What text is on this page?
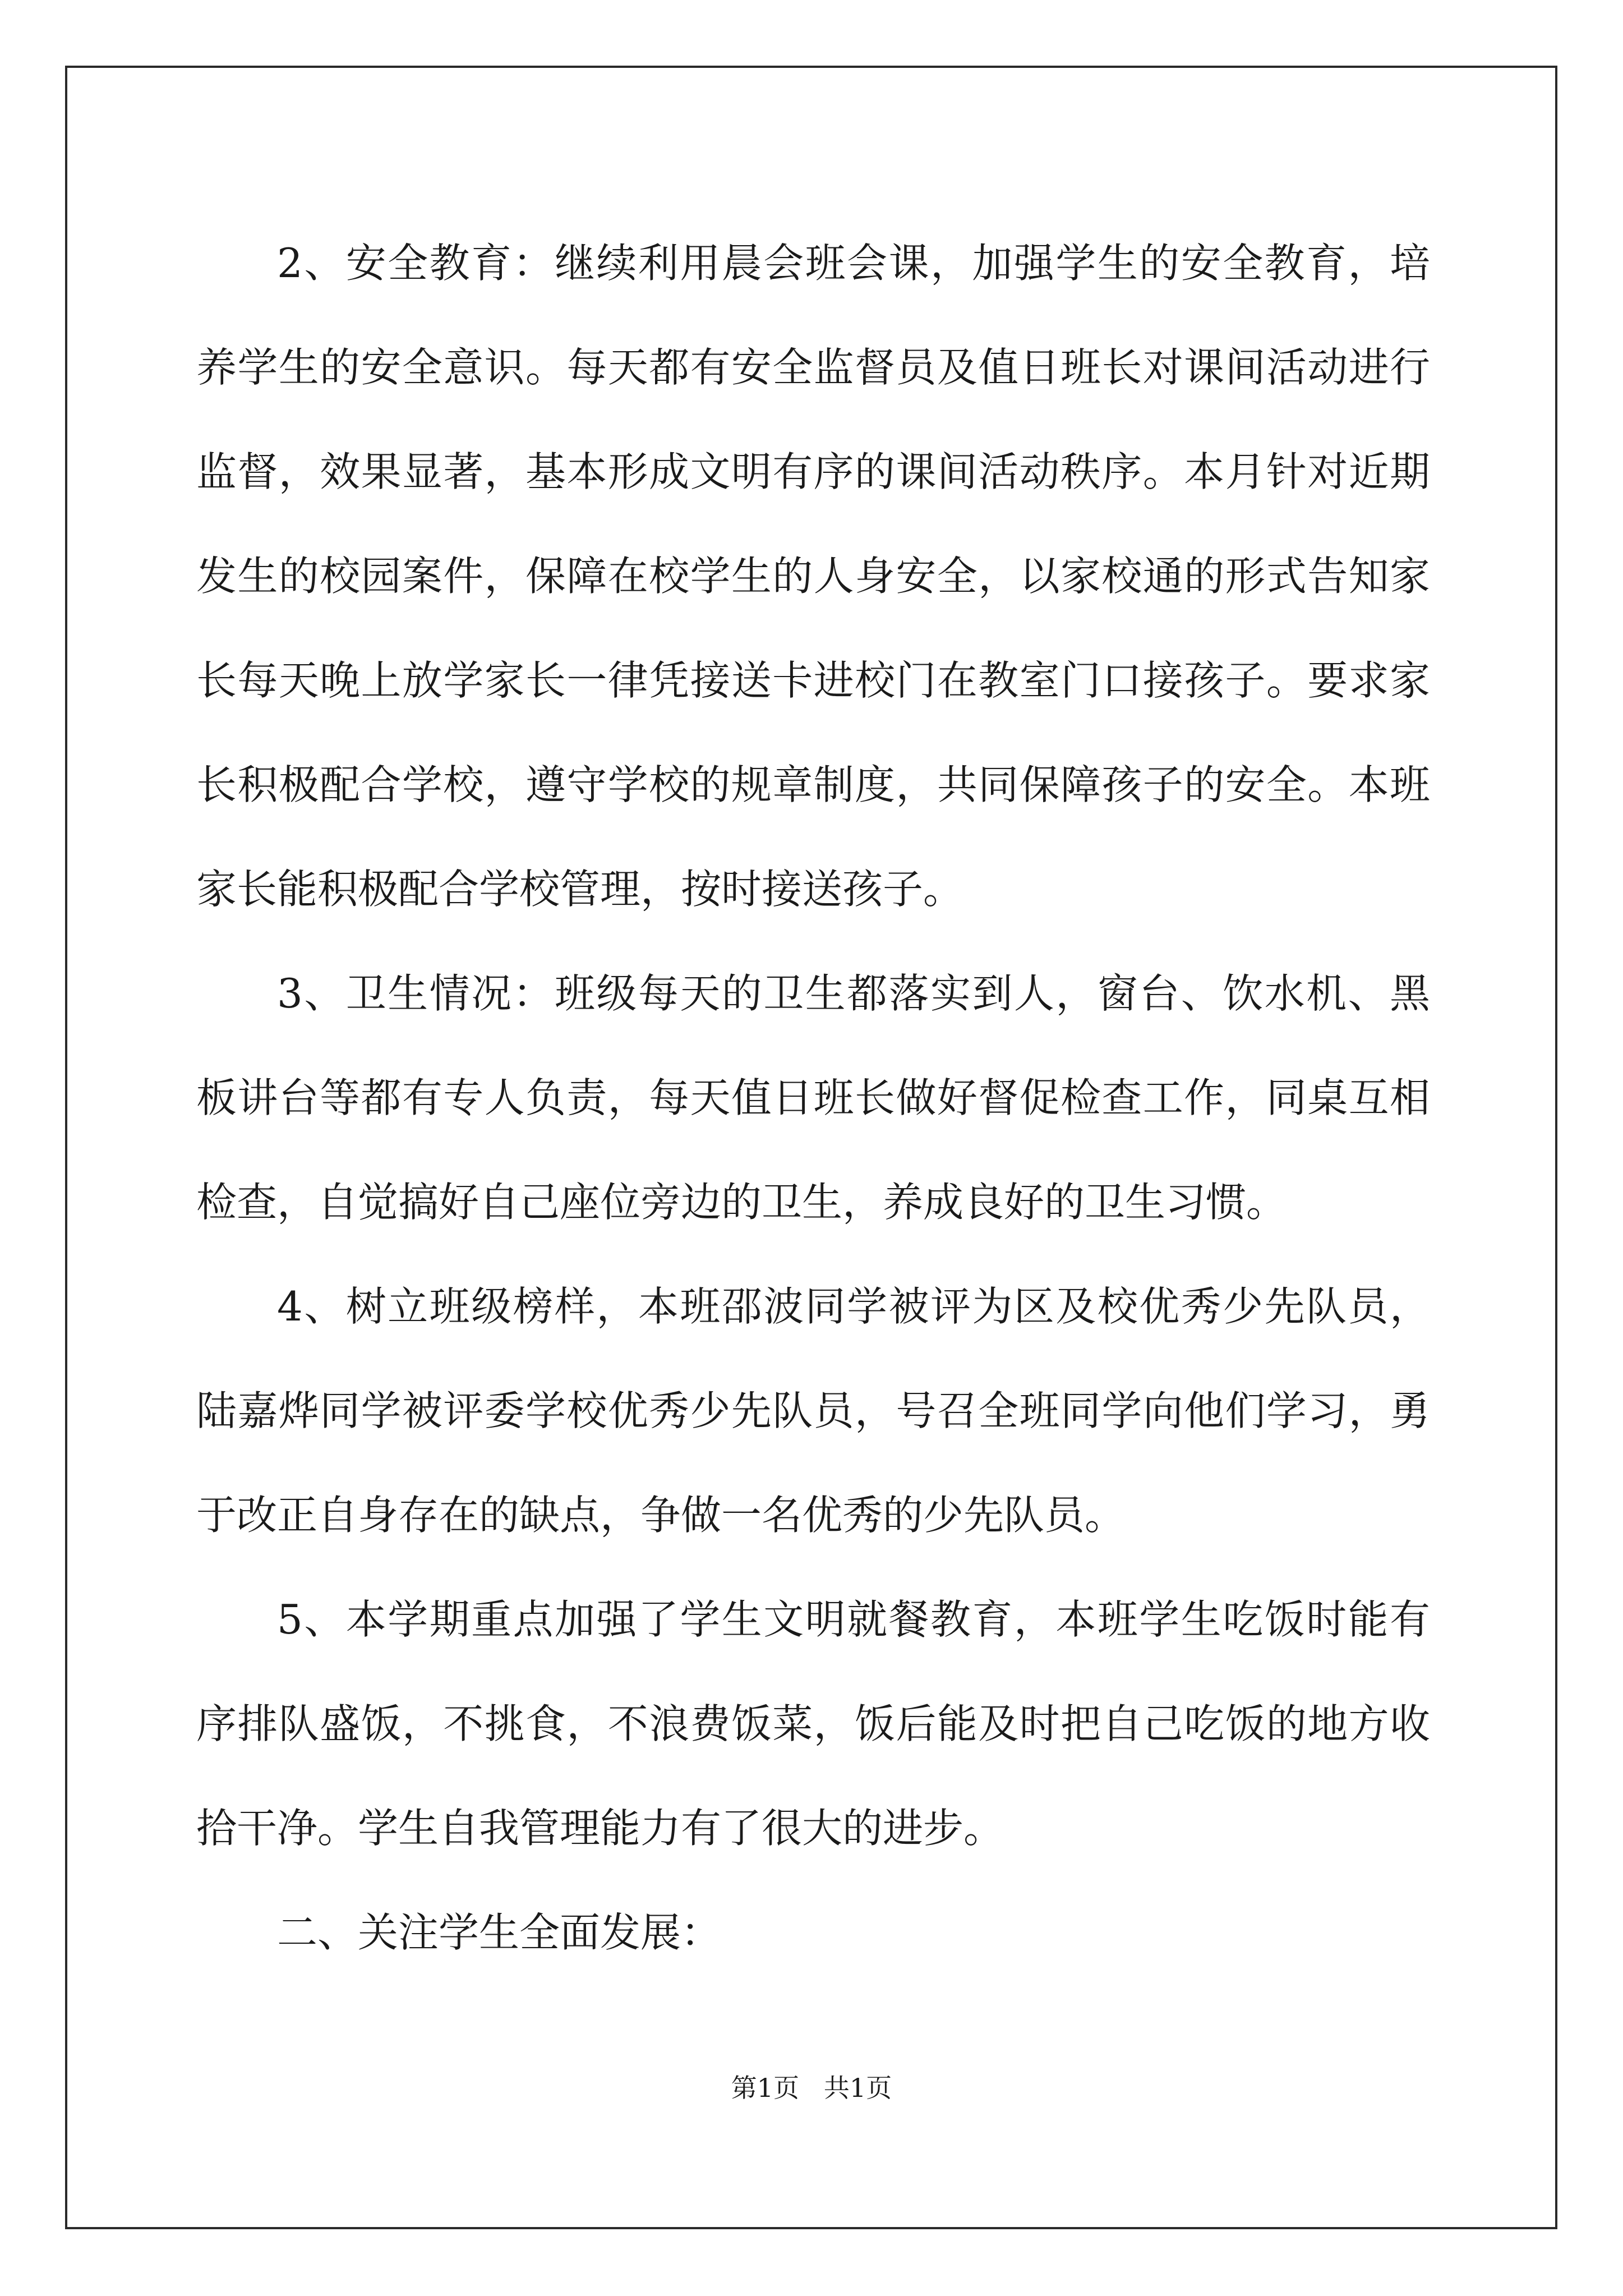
2、安全教育：继续利用晨会班会课，加强学生的安全教育，培养学生的安全意识。每天都有安全监督员及值日班长对课间活动进行监督，效果显著，基本形成文明有序的课间活动秩序。本月针对近期发生的校园案件，保障在校学生的人身安全，以家校通的形式告知家长每天晚上放学家长一律凭接送卡进校门在教室门口接孩子。要求家长积极配合学校，遵守学校的规章制度，共同保障孩子的安全。本班家长能积极配合学校管理，按时接送孩子。

3、卫生情况：班级每天的卫生都落实到人，窗台、饮水机、黑板讲台等都有专人负责，每天值日班长做好督促检查工作，同桌互相检查，自觉搞好自己座位旁边的卫生，养成良好的卫生习惯。

4、树立班级榜样，本班邵波同学被评为区及校优秀少先队员，陆嘉烨同学被评委学校优秀少先队员，号召全班同学向他们学习，勇于改正自身存在的缺点，争做一名优秀的少先队员。

5、本学期重点加强了学生文明就餐教育，本班学生吃饭时能有序排队盛饭，不挑食，不浪费饭菜，饭后能及时把自己吃饭的地方收拾干净。学生自我管理能力有了很大的进步。

二、关注学生全面发展：

第1页   共1页
